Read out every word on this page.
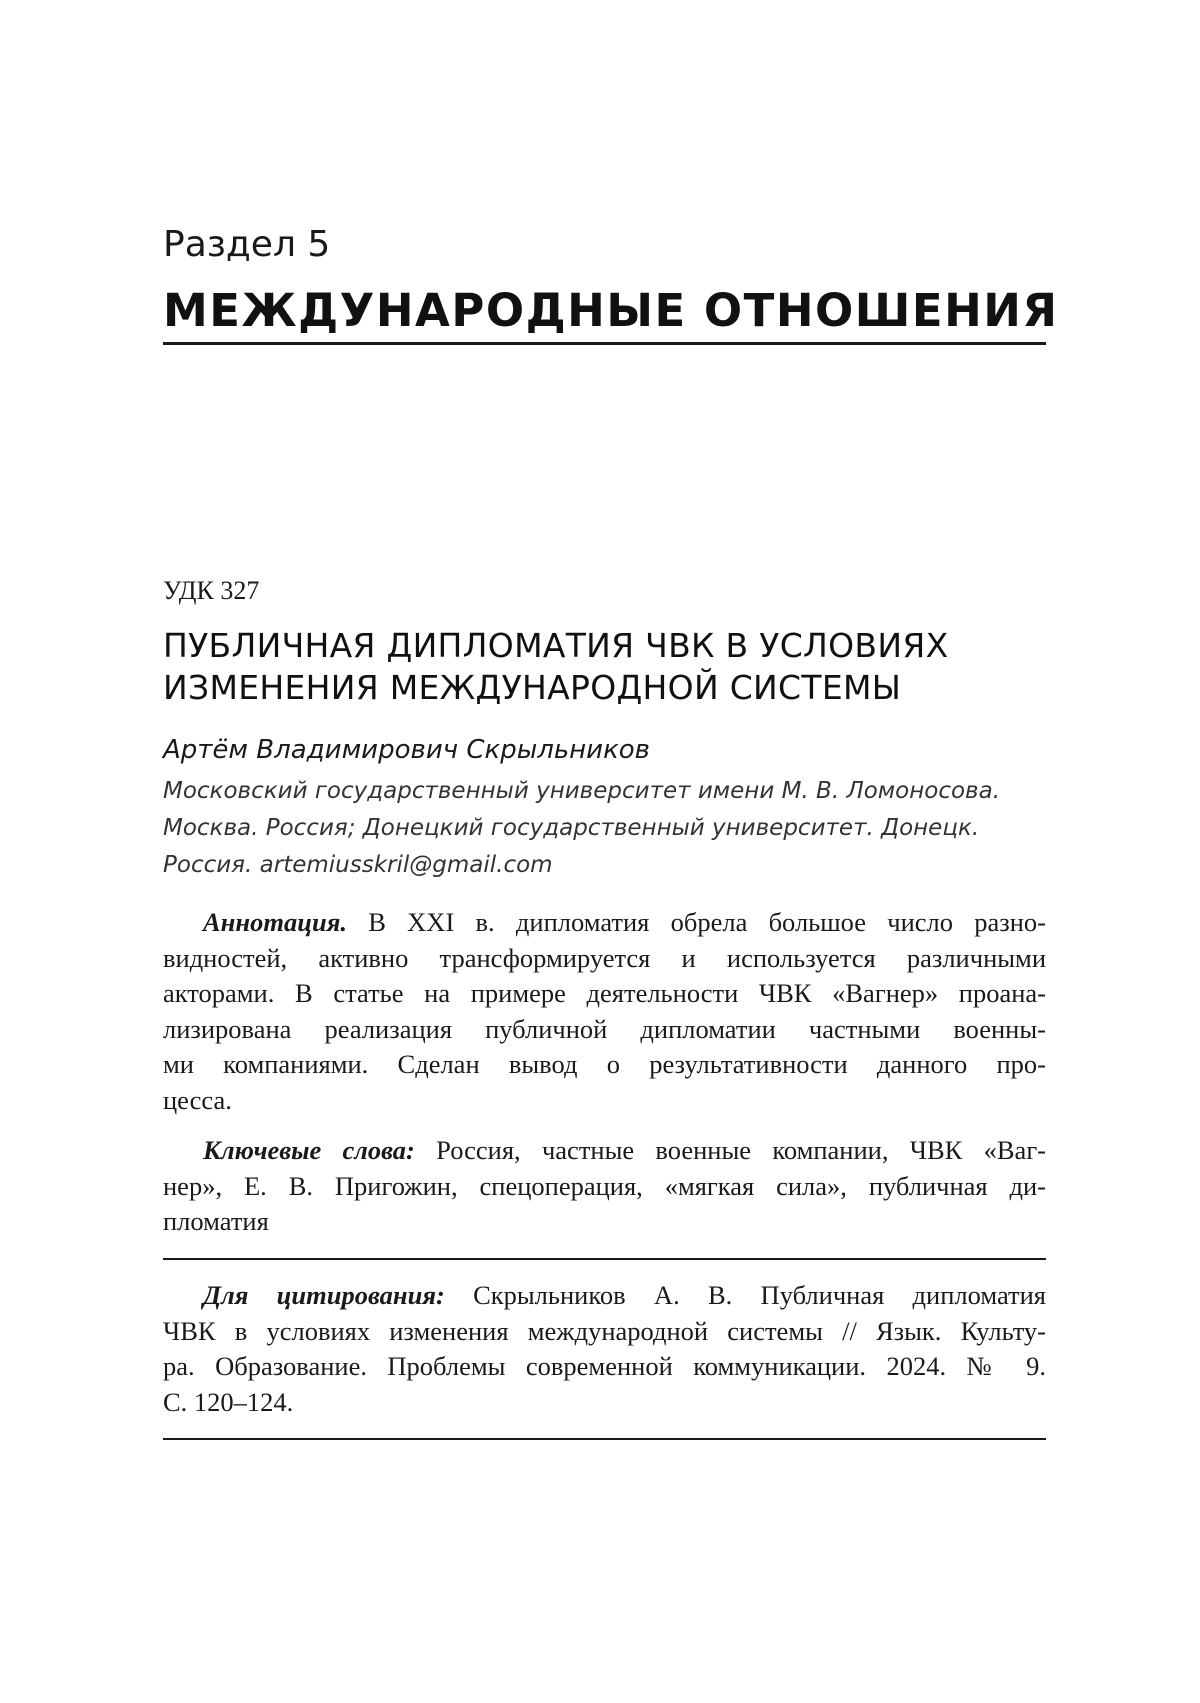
Раздел 5
МЕЖДУНАРОДНЫЕ ОТНОШЕНИЯ
УДК 327
ПУБЛИЧНАЯ ДИПЛОМАТИЯ ЧВК В УСЛОВИЯХ
ИЗМЕНЕНИЯ МЕЖДУНАРОДНОЙ СИСТЕМЫ
Артём Владимирович Скрыльников
Московский государственный университет имени М. В. Ломоносова.
Москва. Россия; Донецкий государственный университет. Донецк.
Россия. artemiusskril@gmail.com
Аннотация. В XXI в. дипломатия обрела большое число разно-
видностей, активно трансформируется и используется различными
акторами. В статье на примере деятельности ЧВК «Вагнер» проана-
лизирована реализация публичной дипломатии частными военны-
ми компаниями. Сделан вывод о результативности данного про-
цесса.
Ключевые слова: Россия, частные военные компании, ЧВК «Ваг-
нер», Е. В. Пригожин, спецоперация, «мягкая сила», публичная ди-
пломатия
Для цитирования: Скрыльников А. В. Публичная дипломатия
ЧВК в условиях изменения международной системы // Язык. Культу-
ра. Образование. Проблемы современной коммуникации. 2024. № 9.
С. 120–124.
